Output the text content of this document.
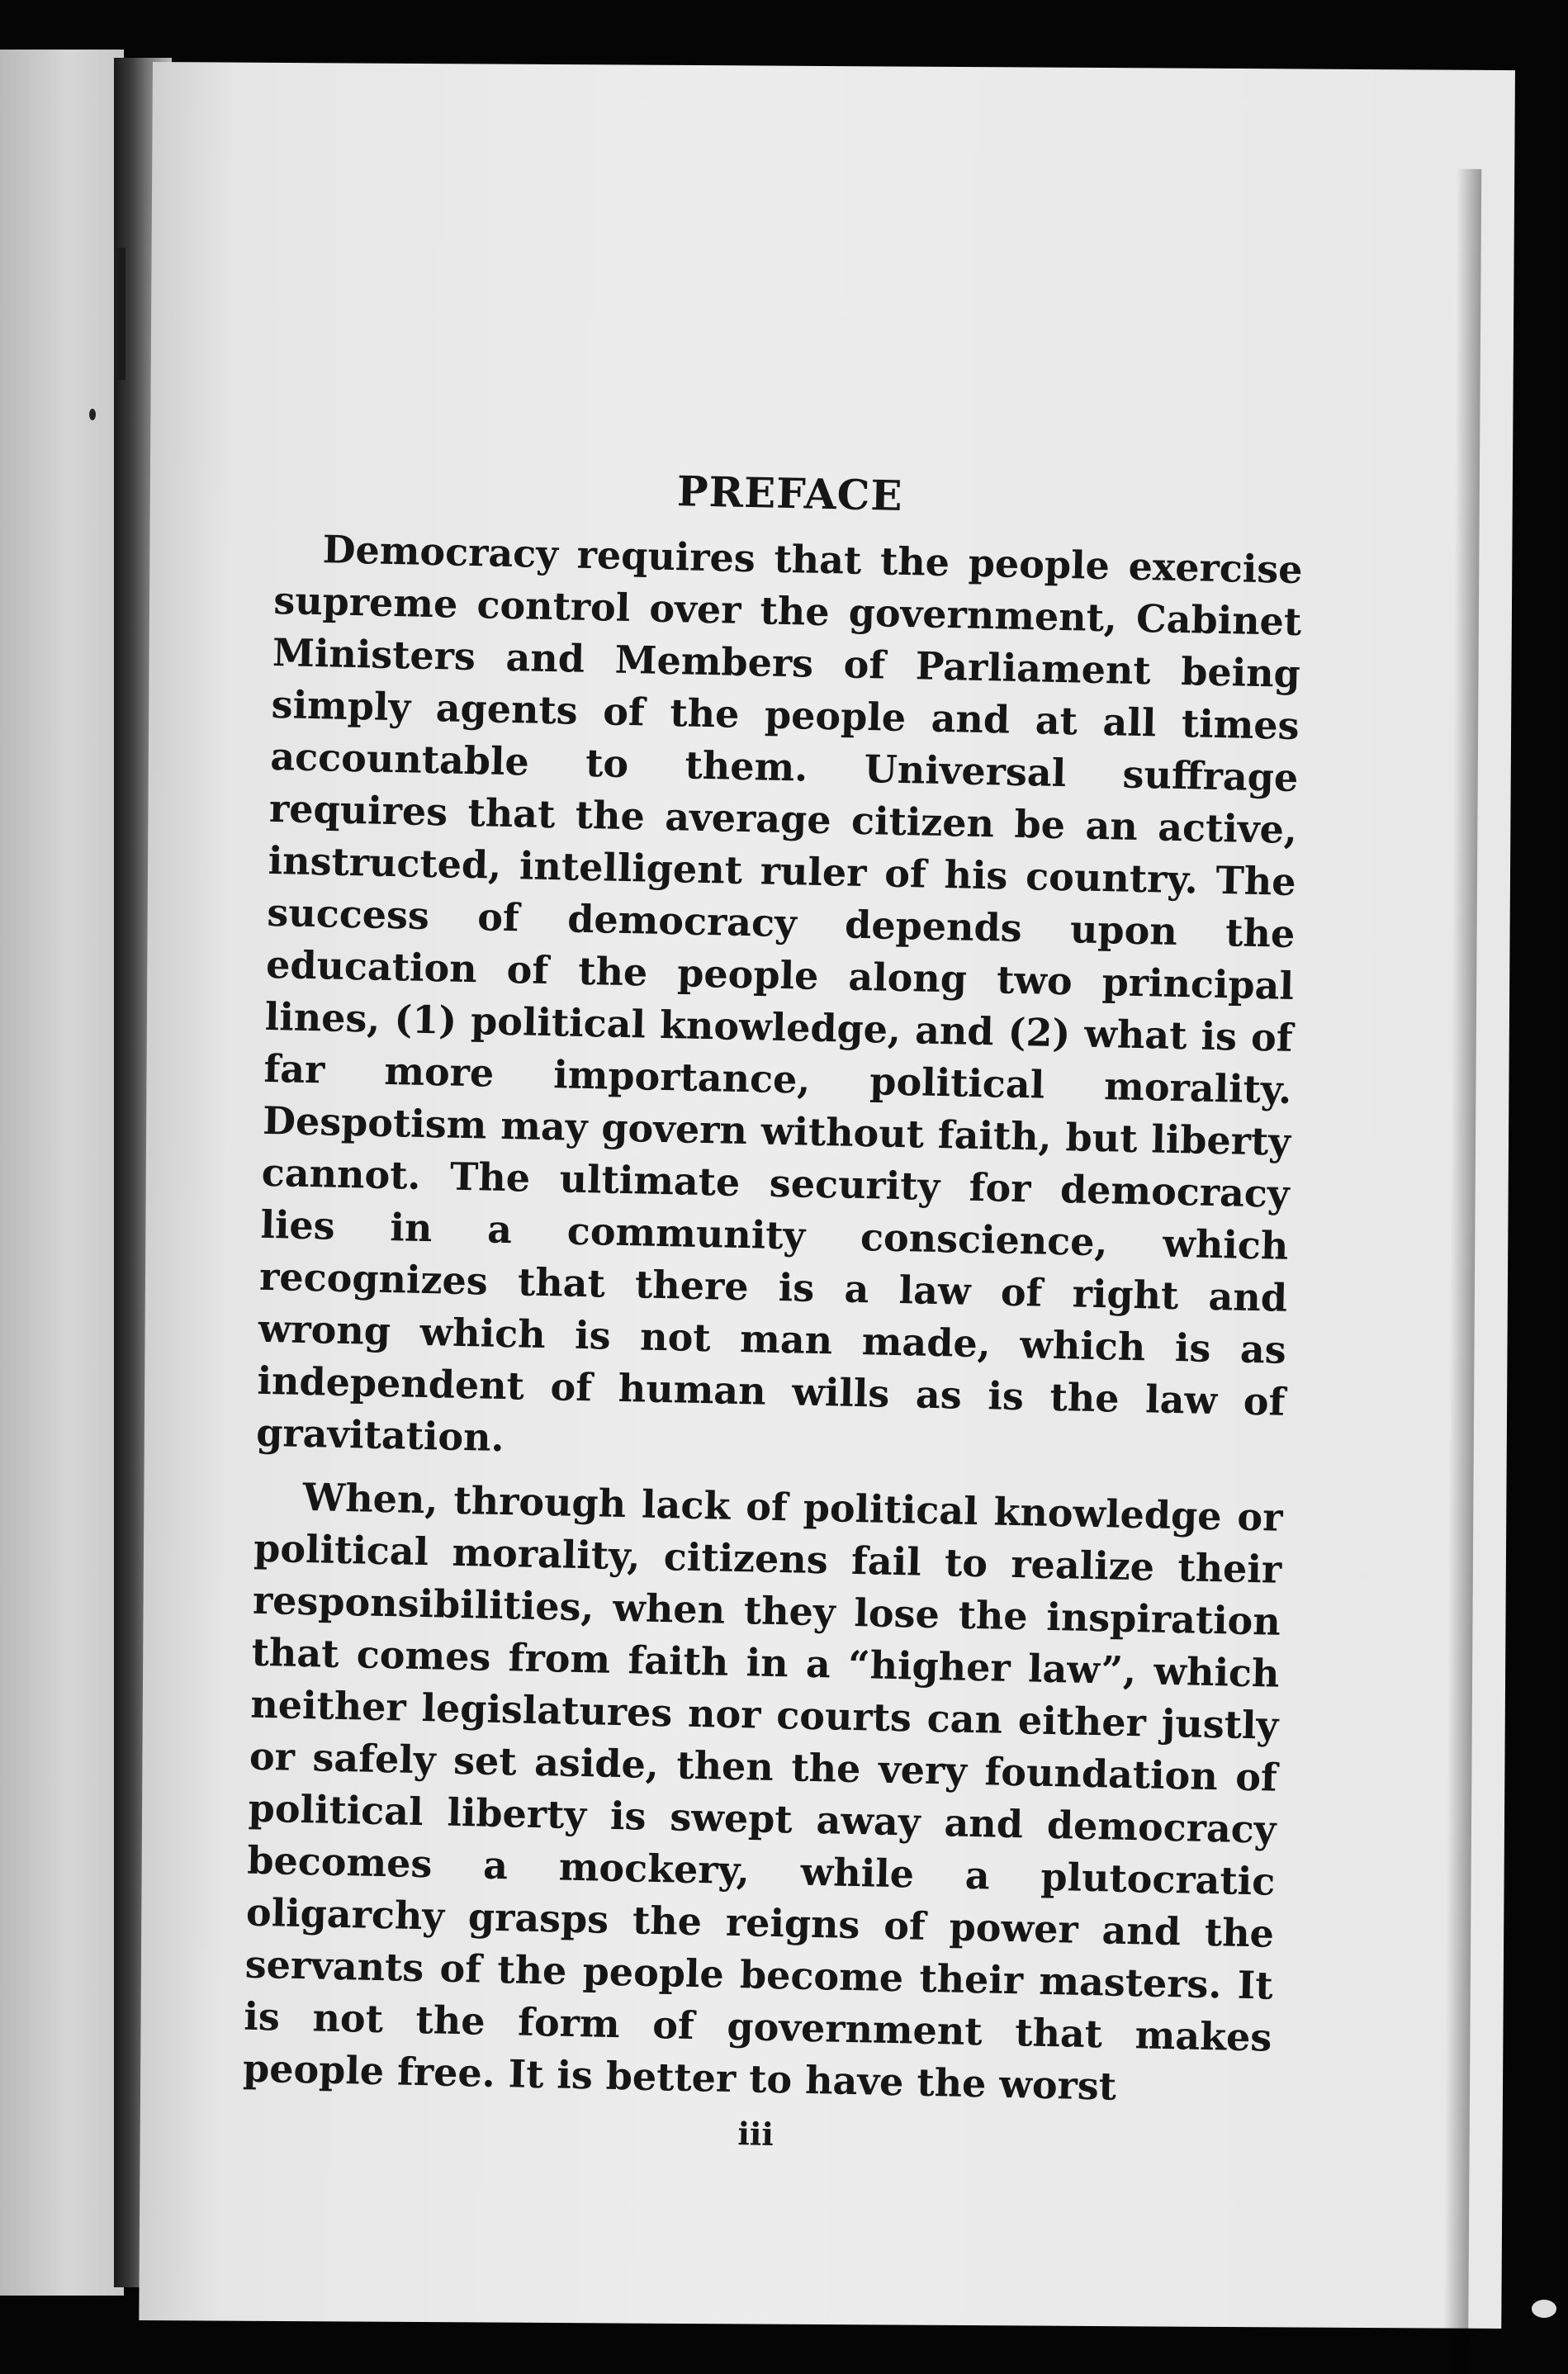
PREFACE

Democracy requires that the people exercise supreme control over the government, Cabinet Ministers and Members of Parliament being simply agents of the people and at all times accountable to them. Universal suffrage requires that the average citizen be an active, instructed, intelligent ruler of his country. The success of democracy depends upon the education of the people along two principal lines, (1) political knowledge, and (2) what is of far more importance, political morality. Despotism may govern without faith, but liberty cannot. The ultimate security for democracy lies in a community conscience, which recognizes that there is a law of right and wrong which is not man made, which is as independent of human wills as is the law of gravitation.

When, through lack of political knowledge or political morality, citizens fail to realize their responsibilities, when they lose the inspiration that comes from faith in a “higher law”, which neither legislatures nor courts can either justly or safely set aside, then the very foundation of political liberty is swept away and democracy becomes a mockery, while a plutocratic oligarchy grasps the reigns of power and the servants of the people become their masters. It is not the form of government that makes people free. It is better to have the worst

iii
